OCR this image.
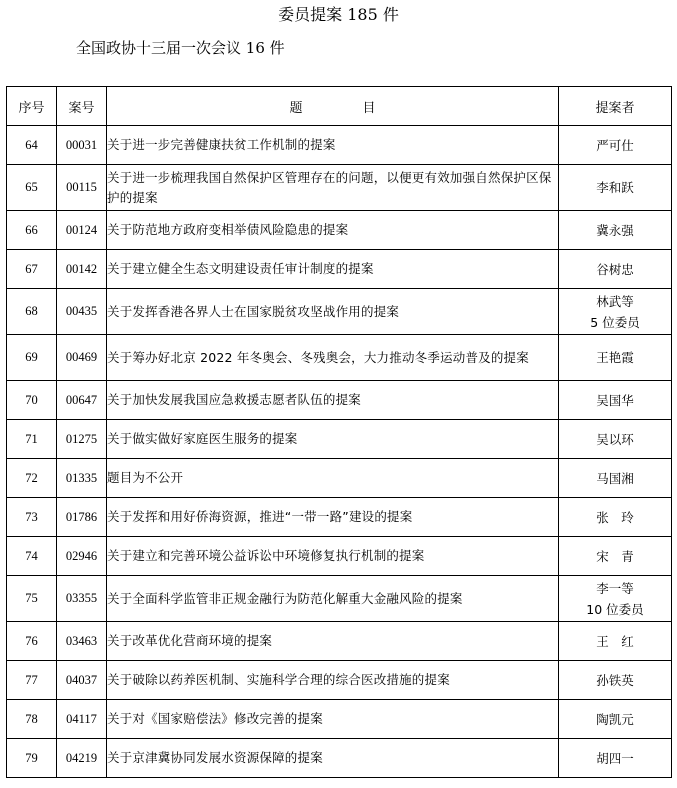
委员提案 185 件
全国政协十三届一次会议 16 件
序号	案号	题 目	提案者
64	00031	关于进一步完善健康扶贫工作机制的提案	严可仕

65	00115	关于进一步梳理我国自然保护区管理存在的问题，以便更有效加强自然保护区保护的提案	李和跃

66	00124	关于防范地方政府变相举债风险隐患的提案	冀永强

67	00142	关于建立健全生态文明建设责任审计制度的提案	谷树忠

68	00435	关于发挥香港各界人士在国家脱贫攻坚战作用的提案	林武等
5 位委员

69	00469	关于筹办好北京 2022 年冬奥会、冬残奥会，大力推动冬季运动普及的提案	王艳霞

70	00647	关于加快发展我国应急救援志愿者队伍的提案	吴国华

71	01275	关于做实做好家庭医生服务的提案	吴以环

72	01335	题目为不公开	马国湘

73	01786	关于发挥和用好侨海资源，推进“一带一路”建设的提案	张　玲

74	02946	关于建立和完善环境公益诉讼中环境修复执行机制的提案	宋　青

75	03355	关于全面科学监管非正规金融行为防范化解重大金融风险的提案	李一等
10 位委员

76	03463	关于改革优化营商环境的提案	王　红

77	04037	关于破除以药养医机制、实施科学合理的综合医改措施的提案	孙铁英

78	04117	关于对《国家赔偿法》修改完善的提案	陶凯元

79	04219	关于京津冀协同发展水资源保障的提案	胡四一
